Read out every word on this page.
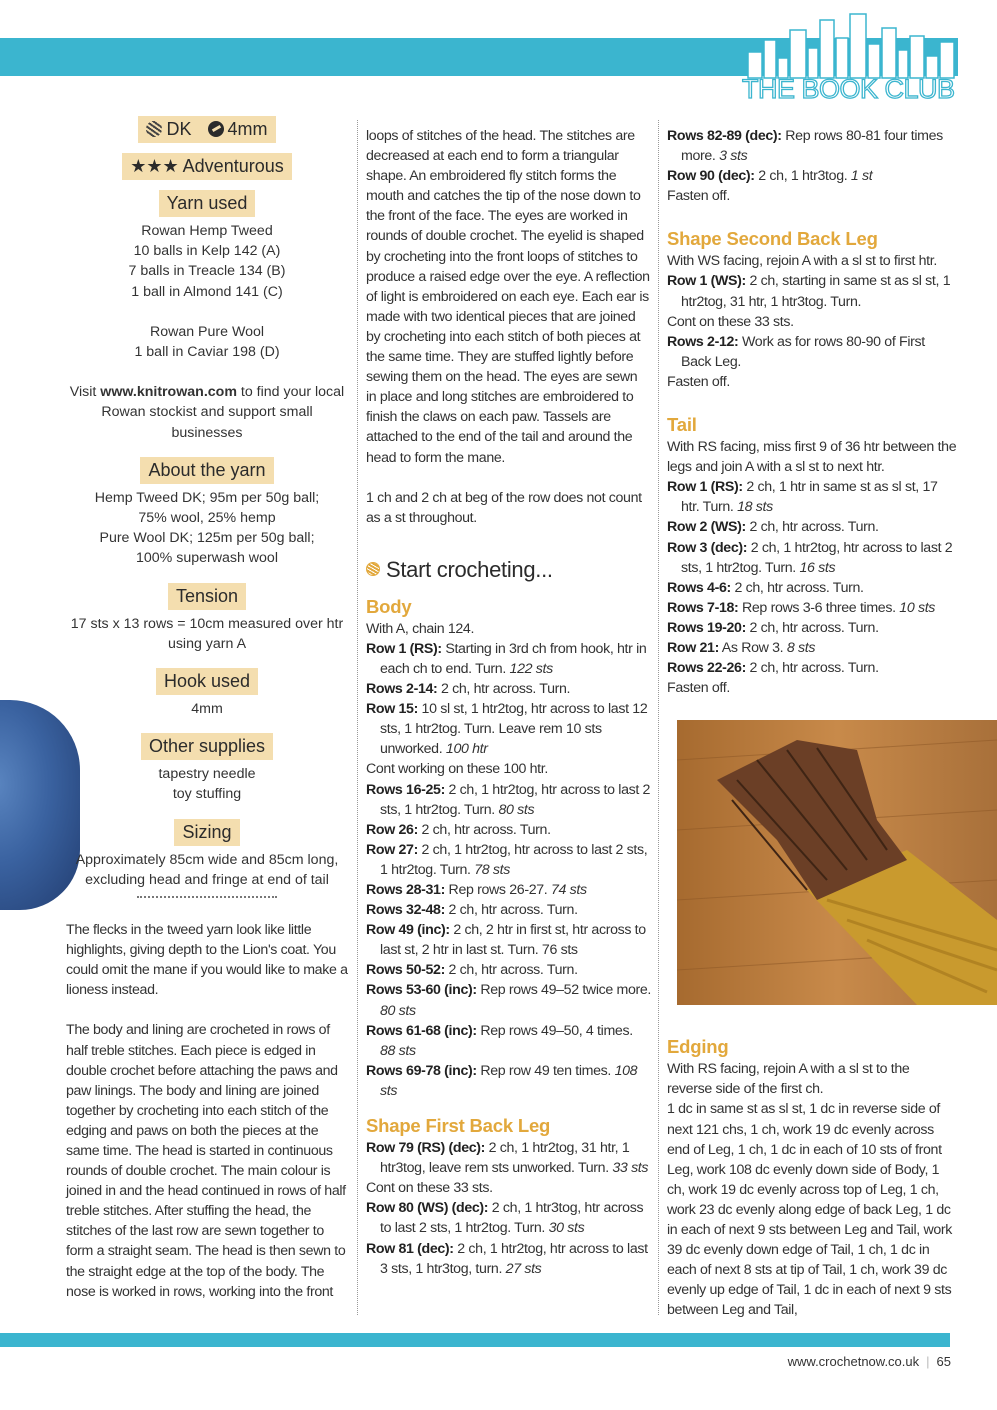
THE BOOK CLUB
DK 4mm
★★★ Adventurous
Yarn used

Rowan Hemp Tweed

10 balls in Kelp 142 (A)

7 balls in Treacle 134 (B)

1 ball in Almond 141 (C)

Rowan Pure Wool

1 ball in Caviar 198 (D)

Visit www.knitrowan.com to find your local Rowan stockist and support small businesses

About the yarn

Hemp Tweed DK; 95m per 50g ball;

75% wool, 25% hemp

Pure Wool DK; 125m per 50g ball;

100% superwash wool

Tension

17 sts x 13 rows = 10cm measured over htr using yarn A

Hook used

4mm

Other supplies

tapestry needle

toy stuffing

Sizing

Approximately 85cm wide and 85cm long, excluding head and fringe at end of tail

The flecks in the tweed yarn look like little highlights, giving depth to the Lion's coat. You could omit the mane if you would like to make a lioness instead.

The body and lining are crocheted in rows of half treble stitches. Each piece is edged in double crochet before attaching the paws and paw linings. The body and lining are joined together by crocheting into each stitch of the edging and paws on both the pieces at the same time. The head is started in continuous rounds of double crochet. The main colour is joined in and the head continued in rows of half treble stitches. After stuffing the head, the stitches of the last row are sewn together to form a straight seam. The head is then sewn to the straight edge at the top of the body. The nose is worked in rows, working into the front

loops of stitches of the head. The stitches are decreased at each end to form a triangular shape. An embroidered fly stitch forms the mouth and catches the tip of the nose down to the front of the face. The eyes are worked in rounds of double crochet. The eyelid is shaped by crocheting into the front loops of stitches to produce a raised edge over the eye. A reflection of light is embroidered on each eye. Each ear is made with two identical pieces that are joined by crocheting into each stitch of both pieces at the same time. They are stuffed lightly before sewing them on the head. The eyes are sewn in place and long stitches are embroidered to finish the claws on each paw. Tassels are attached to the end of the tail and around the head to form the mane.
1 ch and 2 ch at beg of the row does not count as a st throughout.
Start crocheting...
Body
With A, chain 124.
Row 1 (RS): Starting in 3rd ch from hook, htr in each ch to end. Turn. 122 sts
Rows 2-14: 2 ch, htr across. Turn.
Row 15: 10 sl st, 1 htr2tog, htr across to last 12 sts, 1 htr2tog. Turn. Leave rem 10 sts unworked. 100 htr
Cont working on these 100 htr.
Rows 16-25: 2 ch, 1 htr2tog, htr across to last 2 sts, 1 htr2tog. Turn. 80 sts
Row 26: 2 ch, htr across. Turn.
Row 27: 2 ch, 1 htr2tog, htr across to last 2 sts, 1 htr2tog. Turn. 78 sts
Rows 28-31: Rep rows 26-27. 74 sts
Rows 32-48: 2 ch, htr across. Turn.
Row 49 (inc): 2 ch, 2 htr in first st, htr across to last st, 2 htr in last st. Turn. 76 sts
Rows 50-52: 2 ch, htr across. Turn.
Rows 53-60 (inc): Rep rows 49–52 twice more. 80 sts
Rows 61-68 (inc): Rep rows 49–50, 4 times. 88 sts
Rows 69-78 (inc): Rep row 49 ten times. 108 sts
Shape First Back Leg
Row 79 (RS) (dec): 2 ch, 1 htr2tog, 31 htr, 1 htr3tog, leave rem sts unworked. Turn. 33 sts
Cont on these 33 sts.
Row 80 (WS) (dec): 2 ch, 1 htr3tog, htr across to last 2 sts, 1 htr2tog. Turn. 30 sts
Row 81 (dec): 2 ch, 1 htr2tog, htr across to last 3 sts, 1 htr3tog, turn. 27 sts
Rows 82-89 (dec): Rep rows 80-81 four times more. 3 sts
Row 90 (dec): 2 ch, 1 htr3tog. 1 st
Fasten off.
Shape Second Back Leg
With WS facing, rejoin A with a sl st to first htr.
Row 1 (WS): 2 ch, starting in same st as sl st, 1 htr2tog, 31 htr, 1 htr3tog. Turn.
Cont on these 33 sts.
Rows 2-12: Work as for rows 80-90 of First Back Leg.
Fasten off.
Tail
With RS facing, miss first 9 of 36 htr between the legs and join A with a sl st to next htr.
Row 1 (RS): 2 ch, 1 htr in same st as sl st, 17 htr. Turn. 18 sts
Row 2 (WS): 2 ch, htr across. Turn.
Row 3 (dec): 2 ch, 1 htr2tog, htr across to last 2 sts, 1 htr2tog. Turn. 16 sts
Rows 4-6: 2 ch, htr across. Turn.
Rows 7-18: Rep rows 3-6 three times. 10 sts
Rows 19-20: 2 ch, htr across. Turn.
Row 21: As Row 3. 8 sts
Rows 22-26: 2 ch, htr across. Turn.
Fasten off.
Edging
With RS facing, rejoin A with a sl st to the reverse side of the first ch.
1 dc in same st as sl st, 1 dc in reverse side of next 121 chs, 1 ch, work 19 dc evenly across end of Leg, 1 ch, 1 dc in each of 10 sts of front Leg, work 108 dc evenly down side of Body, 1 ch, work 19 dc evenly across top of Leg, 1 ch, work 23 dc evenly along edge of back Leg, 1 dc in each of next 9 sts between Leg and Tail, work 39 dc evenly down edge of Tail, 1 ch, 1 dc in each of next 8 sts at tip of Tail, 1 ch, work 39 dc evenly up edge of Tail, 1 dc in each of next 9 sts between Leg and Tail,
www.crochetnow.co.uk | 65
